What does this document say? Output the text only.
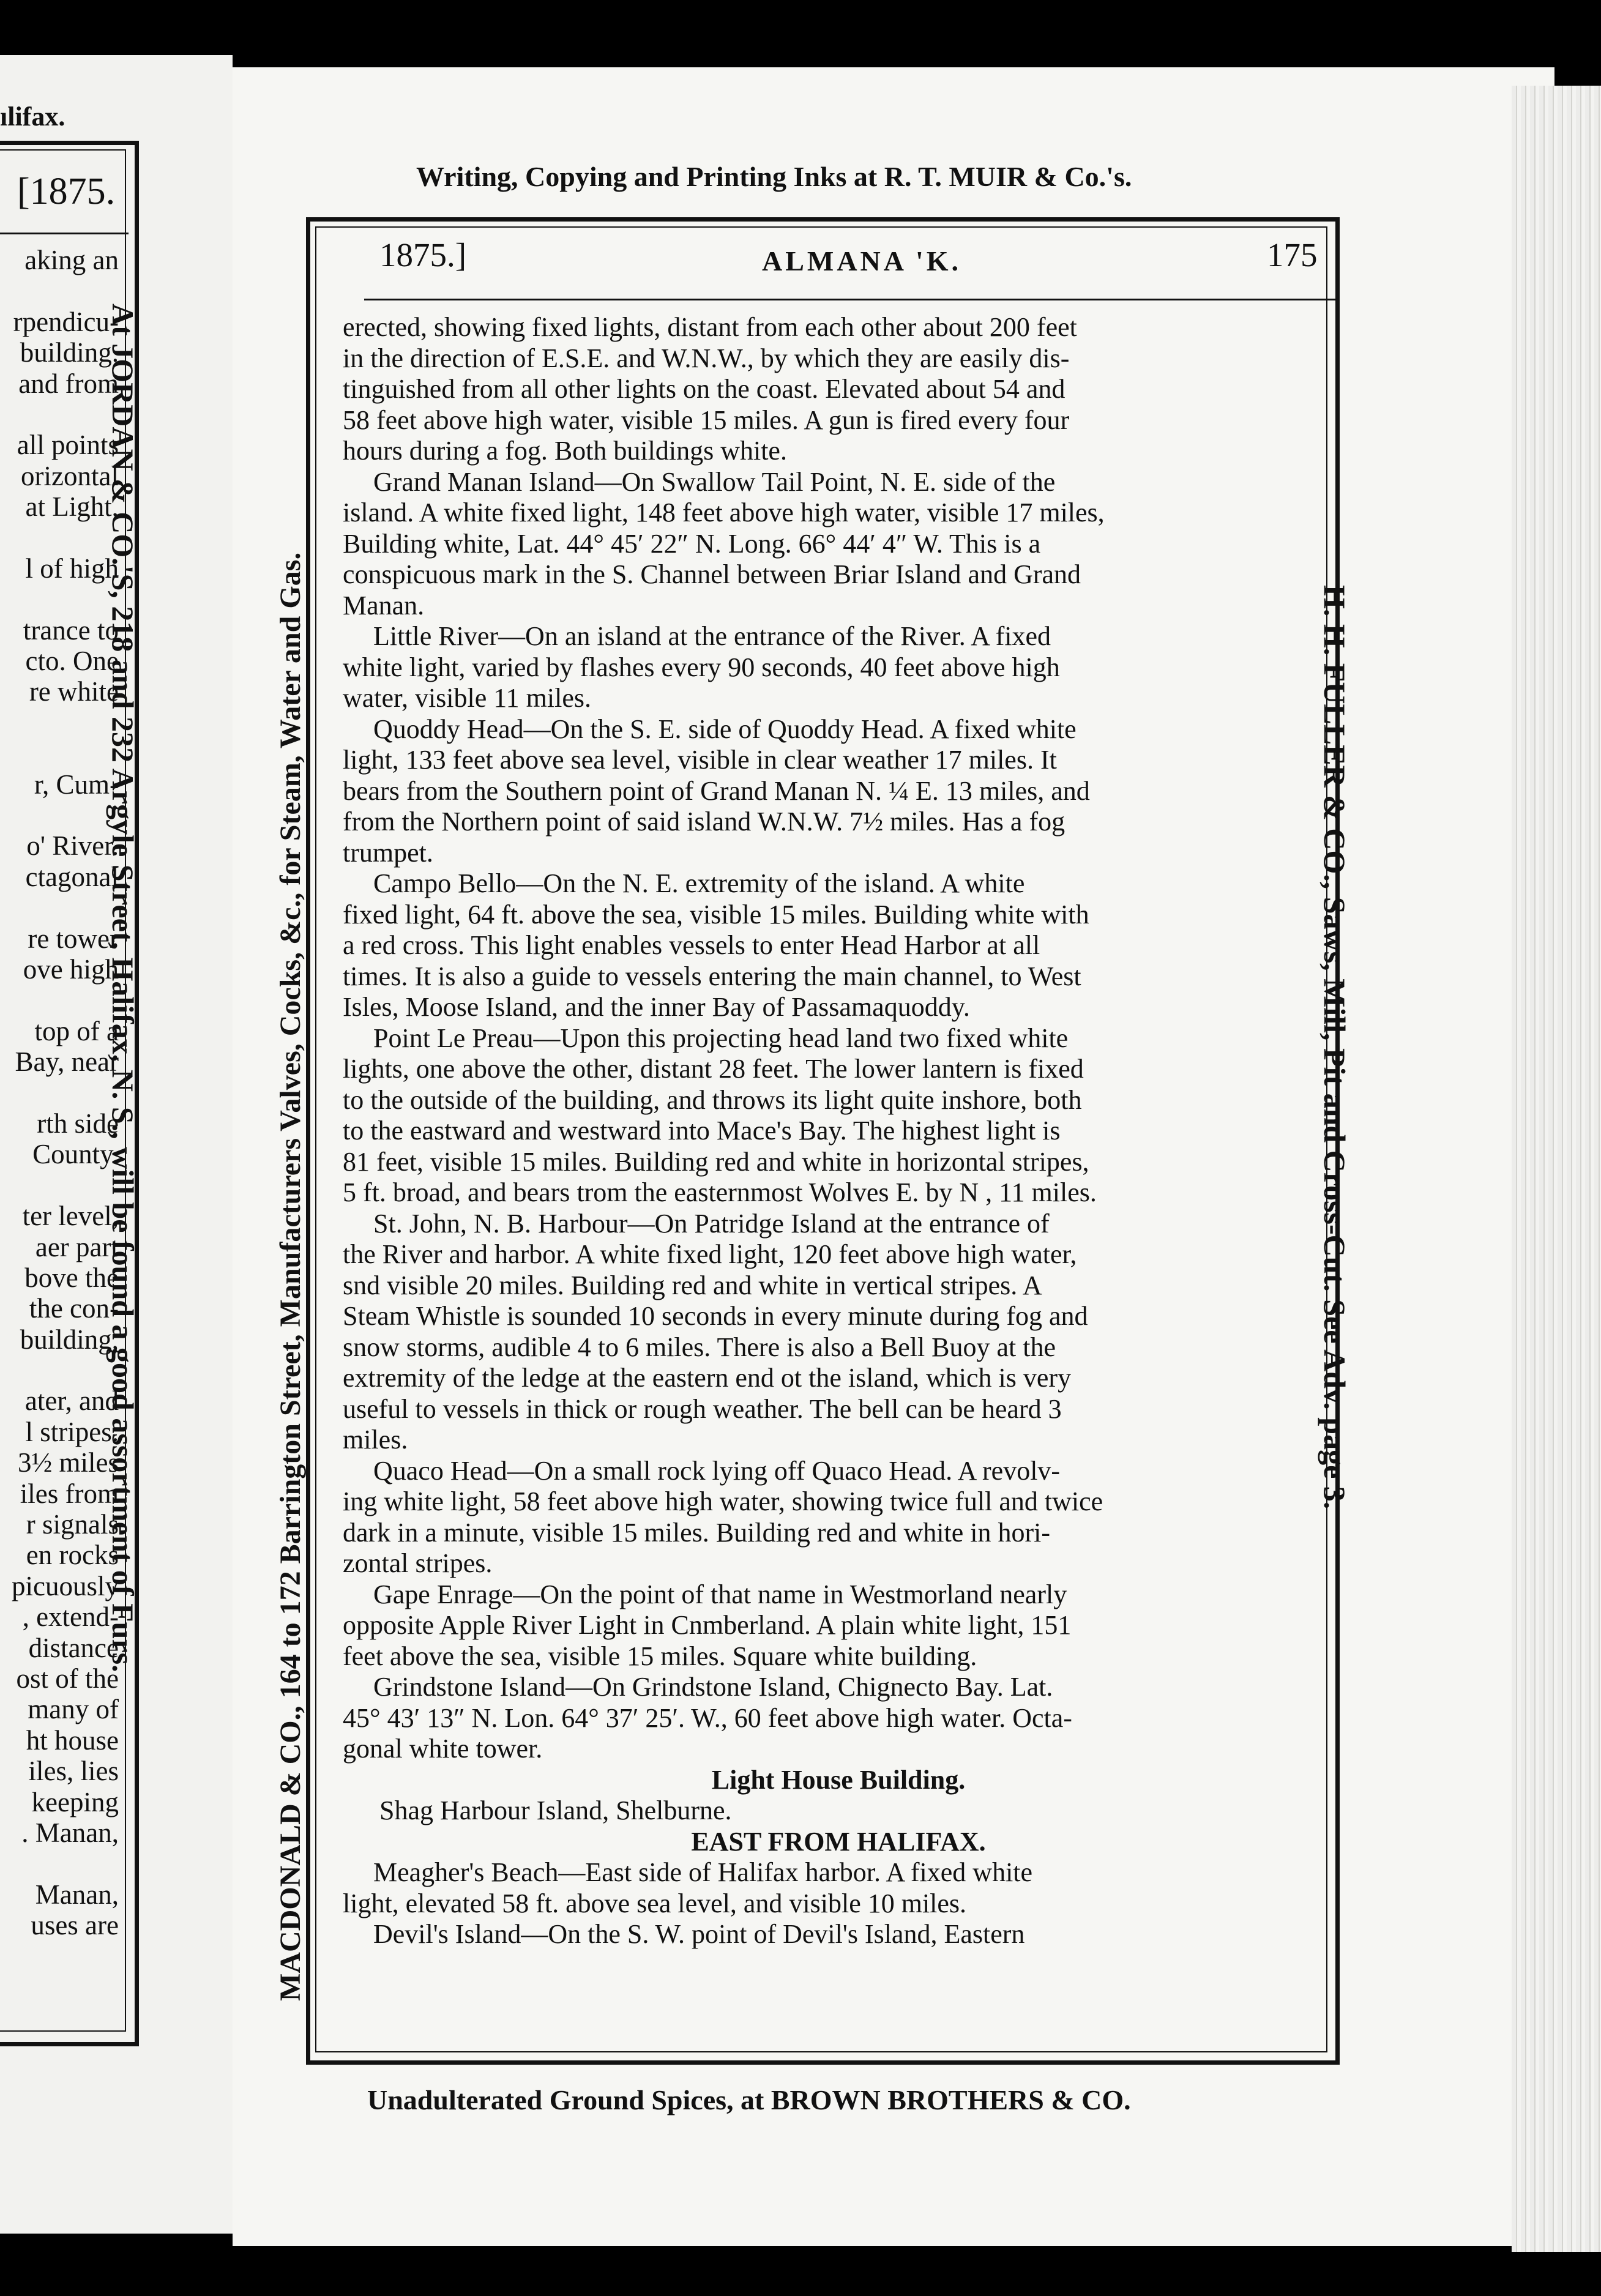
ılifax.
[1875.
aking an
rpendicu-
building.
and from
all points
orizontal
at Light,
l of high
trance to
cto. One
re white
r, Cum-
o' River.
ctagonal
re tower
ove high
top of a
Bay, near
rth side
County.
ter level,
aer part
bove the
the con-
building,
ater, and
l stripes.
3½ miles
iles from
r signals
en rocks
picuously
, extend-
distance
ost of the
many of
ht house
iles, lies
keeping
. Manan,
Manan,
uses are
At JORDAN & CO.'S, 218 and 232 Argyle Street, Halifax, N. S., will be found a good assortment of Furs.
Writing, Copying and Printing Inks at R. T. MUIR & Co.'s.
1875.]	ALMANA 'K.	175
erected, showing fixed lights, distant from each other about 200 feet
in the direction of E.S.E. and W.N.W., by which they are easily dis-
tinguished from all other lights on the coast. Elevated about 54 and
58 feet above high water, visible 15 miles. A gun is fired every four
hours during a fog. Both buildings white.
Grand Manan Island—On Swallow Tail Point, N. E. side of the
island. A white fixed light, 148 feet above high water, visible 17 miles,
Building white, Lat. 44° 45′ 22″ N. Long. 66° 44′ 4″ W. This is a
conspicuous mark in the S. Channel between Briar Island and Grand
Manan.
Little River—On an island at the entrance of the River. A fixed
white light, varied by flashes every 90 seconds, 40 feet above high
water, visible 11 miles.
Quoddy Head—On the S. E. side of Quoddy Head. A fixed white
light, 133 feet above sea level, visible in clear weather 17 miles. It
bears from the Southern point of Grand Manan N. ¼ E. 13 miles, and
from the Northern point of said island W.N.W. 7½ miles. Has a fog
trumpet.
Campo Bello—On the N. E. extremity of the island. A white
fixed light, 64 ft. above the sea, visible 15 miles. Building white with
a red cross. This light enables vessels to enter Head Harbor at all
times. It is also a guide to vessels entering the main channel, to West
Isles, Moose Island, and the inner Bay of Passamaquoddy.
Point Le Preau—Upon this projecting head land two fixed white
lights, one above the other, distant 28 feet. The lower lantern is fixed
to the outside of the building, and throws its light quite inshore, both
to the eastward and westward into Mace's Bay. The highest light is
81 feet, visible 15 miles. Building red and white in horizontal stripes,
5 ft. broad, and bears trom the easternmost Wolves E. by N , 11 miles.
St. John, N. B. Harbour—On Patridge Island at the entrance of
the River and harbor. A white fixed light, 120 feet above high water,
snd visible 20 miles. Building red and white in vertical stripes. A
Steam Whistle is sounded 10 seconds in every minute during fog and
snow storms, audible 4 to 6 miles. There is also a Bell Buoy at the
extremity of the ledge at the eastern end ot the island, which is very
useful to vessels in thick or rough weather. The bell can be heard 3
miles.
Quaco Head—On a small rock lying off Quaco Head. A revolv-
ing white light, 58 feet above high water, showing twice full and twice
dark in a minute, visible 15 miles. Building red and white in hori-
zontal stripes.
Gape Enrage—On the point of that name in Westmorland nearly
opposite Apple River Light in Cnmberland. A plain white light, 151
feet above the sea, visible 15 miles. Square white building.
Grindstone Island—On Grindstone Island, Chignecto Bay. Lat.
45° 43′ 13″ N. Lon. 64° 37′ 25′. W., 60 feet above high water. Octa-
gonal white tower.
Light House Building.
Shag Harbour Island, Shelburne.
EAST FROM HALIFAX.
Meagher's Beach—East side of Halifax harbor. A fixed white
light, elevated 58 ft. above sea level, and visible 10 miles.
Devil's Island—On the S. W. point of Devil's Island, Eastern
MACDONALD & CO., 164 to 172 Barrington Street, Manufacturers Valves, Cocks, &c., for Steam, Water and Gas.	H. H. FULLER & CO., Saws, Mill, Pit and Cross-Cut. See Adv. page 3.
Unadulterated Ground Spices, at BROWN BROTHERS & CO.
